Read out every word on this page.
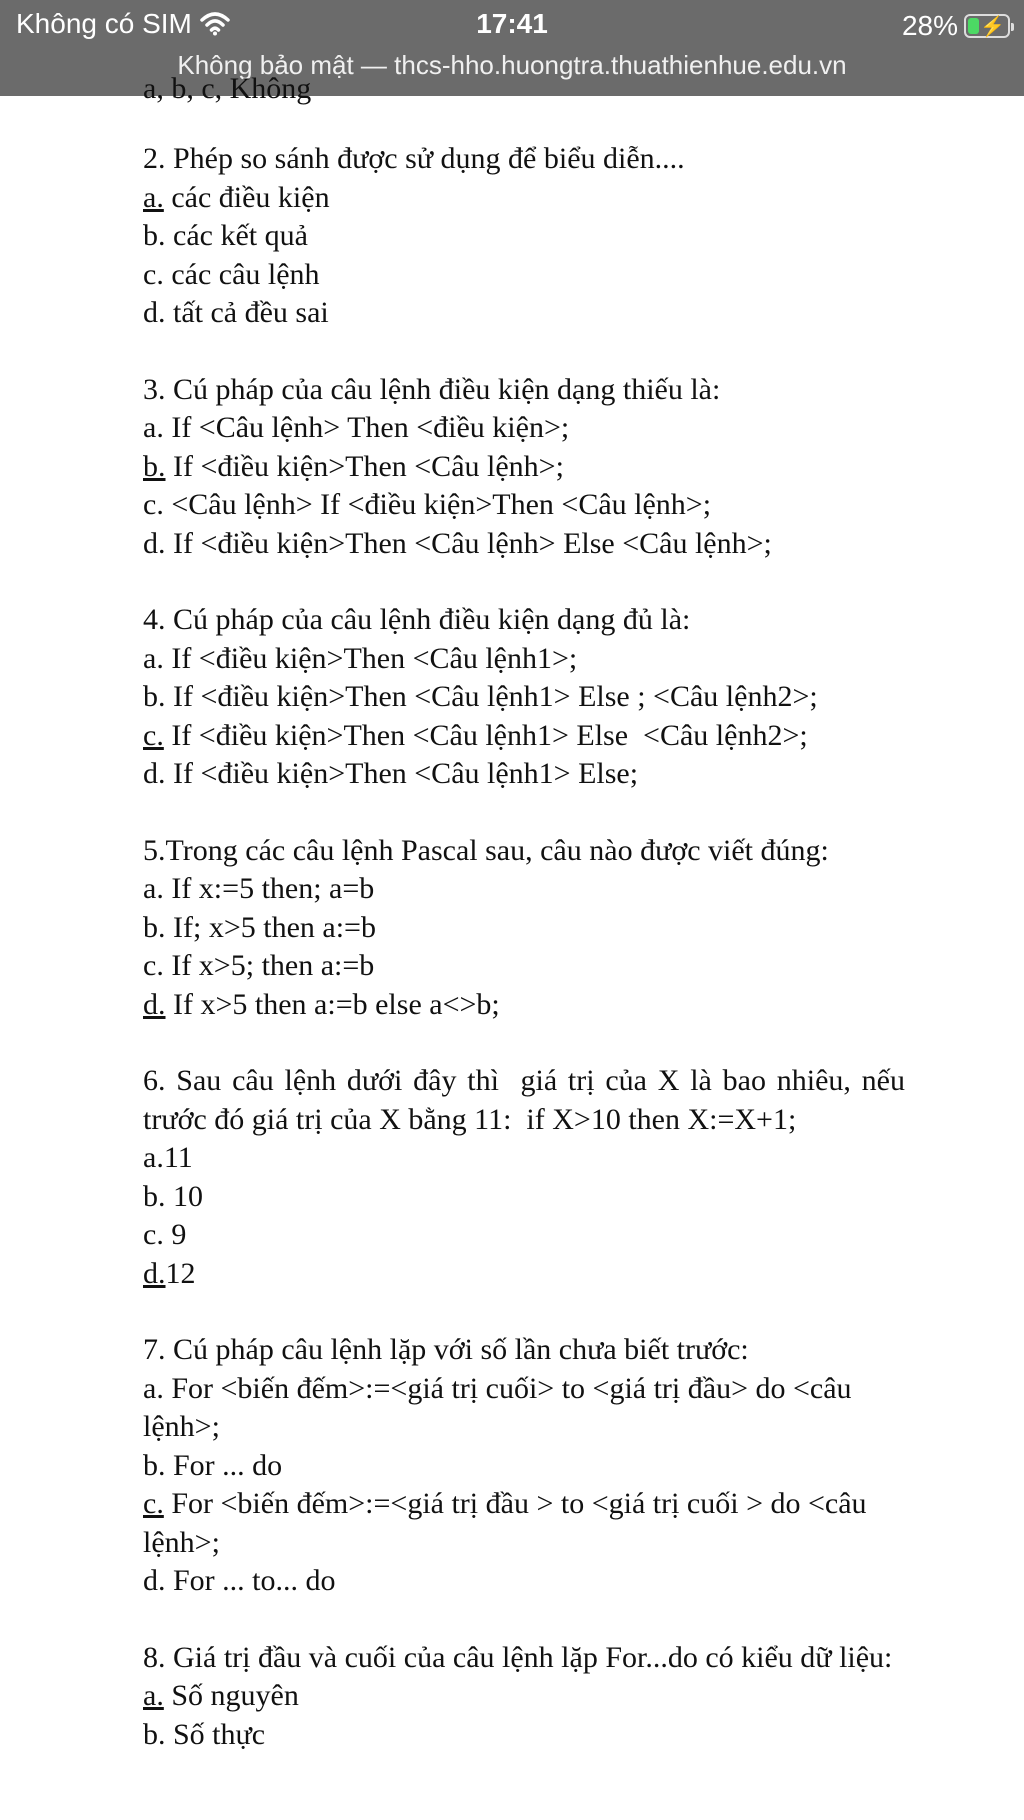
Không có SIM	17:41	28% ⚡
Không bảo mật — thcs-hho.huongtra.thuathienhue.edu.vn
a, b, c, Không
2. Phép so sánh được sử dụng để biểu diễn....
a. các điều kiện
b. các kết quả
c. các câu lệnh
d. tất cả đều sai
3. Cú pháp của câu lệnh điều kiện dạng thiếu là:
a. If <Câu lệnh> Then <điều kiện>;
b. If <điều kiện>Then <Câu lệnh>;
c. <Câu lệnh> If <điều kiện>Then <Câu lệnh>;
d. If <điều kiện>Then <Câu lệnh> Else <Câu lệnh>;
4. Cú pháp của câu lệnh điều kiện dạng đủ là:
a. If <điều kiện>Then <Câu lệnh1>;
b. If <điều kiện>Then <Câu lệnh1> Else ; <Câu lệnh2>;
c. If <điều kiện>Then <Câu lệnh1> Else  <Câu lệnh2>;
d. If <điều kiện>Then <Câu lệnh1> Else;
5.Trong các câu lệnh Pascal sau, câu nào được viết đúng:
a. If x:=5 then; a=b
b. If; x>5 then a:=b
c. If x>5; then a:=b
d. If x>5 then a:=b else a<>b;
6. Sau câu lệnh dưới đây thì  giá trị của X là bao nhiêu, nếu trước đó giá trị của X bằng 11:  if X>10 then X:=X+1;
a.11
b. 10
c. 9
d.12
7. Cú pháp câu lệnh lặp với số lần chưa biết trước:
a. For <biến đếm>:=<giá trị cuối> to <giá trị đầu> do <câu lệnh>;
b. For ... do
c. For <biến đếm>:=<giá trị đầu > to <giá trị cuối > do <câu lệnh>;
d. For ... to... do
8. Giá trị đầu và cuối của câu lệnh lặp For...do có kiểu dữ liệu:
a. Số nguyên
b. Số thực
